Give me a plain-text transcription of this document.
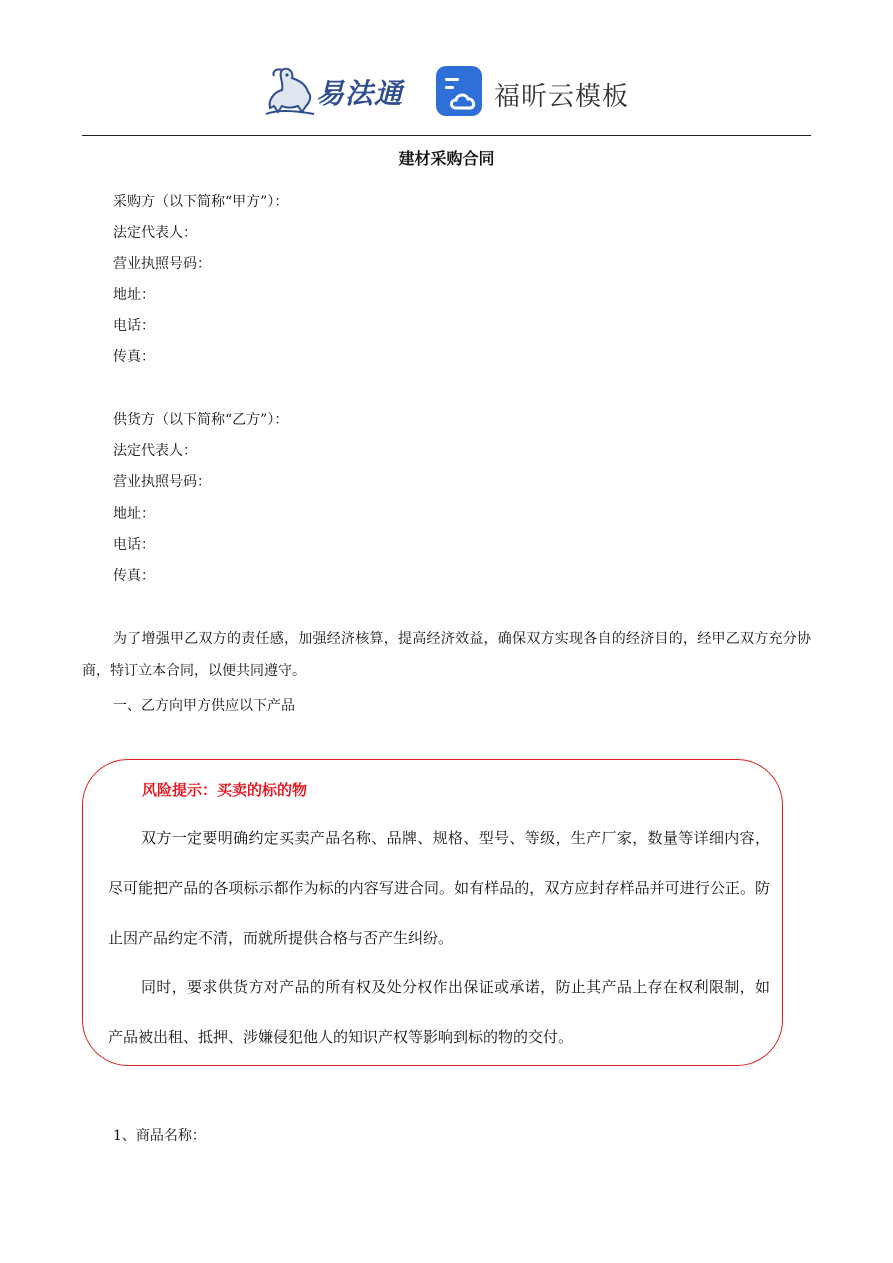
易法通	福昕云模板
建材采购合同
采购方（以下简称“甲方”）：
法定代表人：
营业执照号码：
地址：
电话：
传真：
供货方（以下简称“乙方”）：
法定代表人：
营业执照号码：
地址：
电话：
传真：
为了增强甲乙双方的责任感，加强经济核算，提高经济效益，确保双方实现各自的经济目的，经甲乙双方充分协商，特订立本合同，以便共同遵守。
一、乙方向甲方供应以下产品
风险提示：买卖的标的物
双方一定要明确约定买卖产品名称、品牌、规格、型号、等级，生产厂家，数量等详细内容，尽可能把产品的各项标示都作为标的内容写进合同。如有样品的，双方应封存样品并可进行公正。防止因产品约定不清，而就所提供合格与否产生纠纷。
同时，要求供货方对产品的所有权及处分权作出保证或承诺，防止其产品上存在权利限制，如产品被出租、抵押、涉嫌侵犯他人的知识产权等影响到标的物的交付。
1、商品名称：
